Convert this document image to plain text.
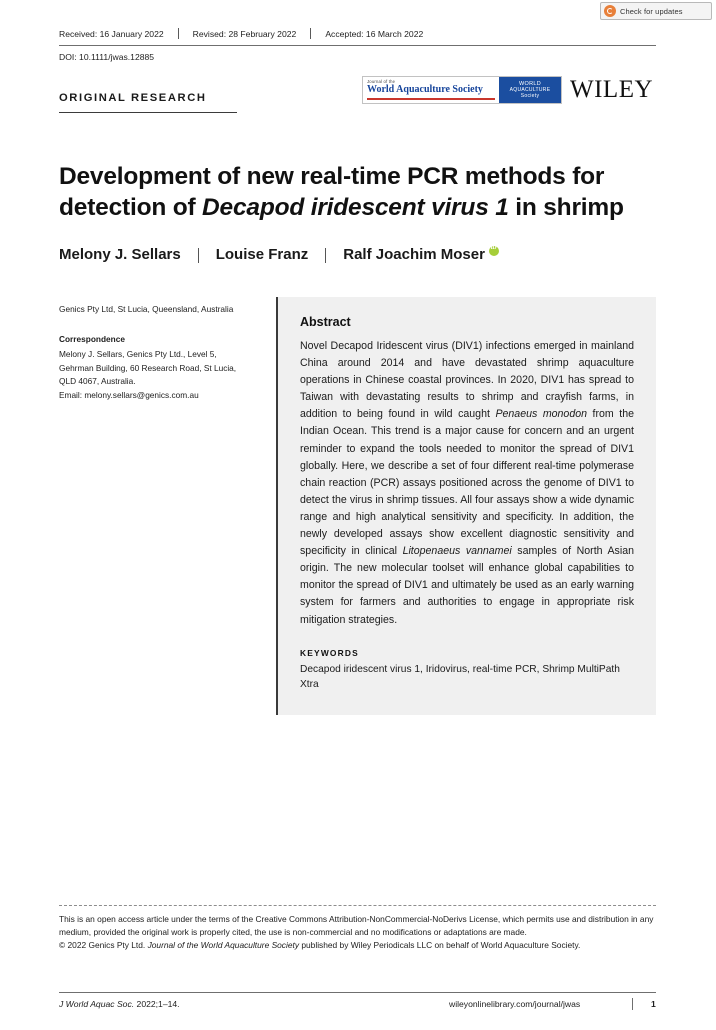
Check for updates
Received: 16 January 2022	Revised: 28 February 2022	Accepted: 16 March 2022
DOI: 10.1111/jwas.12885
ORIGINAL RESEARCH
Journal of the
World Aquaculture Society	WORLD
AQUACULTURE
Society WILEY
Development of new real-time PCR methods for detection of Decapod iridescent virus 1 in shrimp
Melony J. Sellars Louise Franz Ralf Joachim Moser
iD
Genics Pty Ltd, St Lucia, Queensland, Australia
Correspondence
Melony J. Sellars, Genics Pty Ltd., Level 5, Gehrman Building, 60 Research Road, St Lucia, QLD 4067, Australia.
Email: melony.sellars@genics.com.au
Abstract

Novel Decapod Iridescent virus (DIV1) infections emerged in mainland China around 2014 and have devastated shrimp aquaculture operations in Chinese coastal provinces. In 2020, DIV1 has spread to Taiwan with devastating results to shrimp and crayfish farms, in addition to being found in wild caught Penaeus monodon from the Indian Ocean. This trend is a major cause for concern and an urgent reminder to expand the tools needed to monitor the spread of DIV1 globally. Here, we describe a set of four different real-time polymerase chain reaction (PCR) assays positioned across the genome of DIV1 to detect the virus in shrimp tissues. All four assays show a wide dynamic range and high analytical sensitivity and specificity. In addition, the newly developed assays show excellent diagnostic sensitivity and specificity in clinical Litopenaeus vannamei samples of North Asian origin. The new molecular toolset will enhance global capabilities to monitor the spread of DIV1 and ultimately be used as an early warning system for farmers and authorities to engage in appropriate risk mitigation strategies.

KEYWORDS
Decapod iridescent virus 1, Iridovirus, real-time PCR, Shrimp MultiPath Xtra
This is an open access article under the terms of the Creative Commons Attribution-NonCommercial-NoDerivs License, which permits use and distribution in any medium, provided the original work is properly cited, the use is non-commercial and no modifications or adaptations are made.
© 2022 Genics Pty Ltd. Journal of the World Aquaculture Society published by Wiley Periodicals LLC on behalf of World Aquaculture Society.
J World Aquac Soc. 2022;1–14.	wileyonlinelibrary.com/journal/jwas	1
